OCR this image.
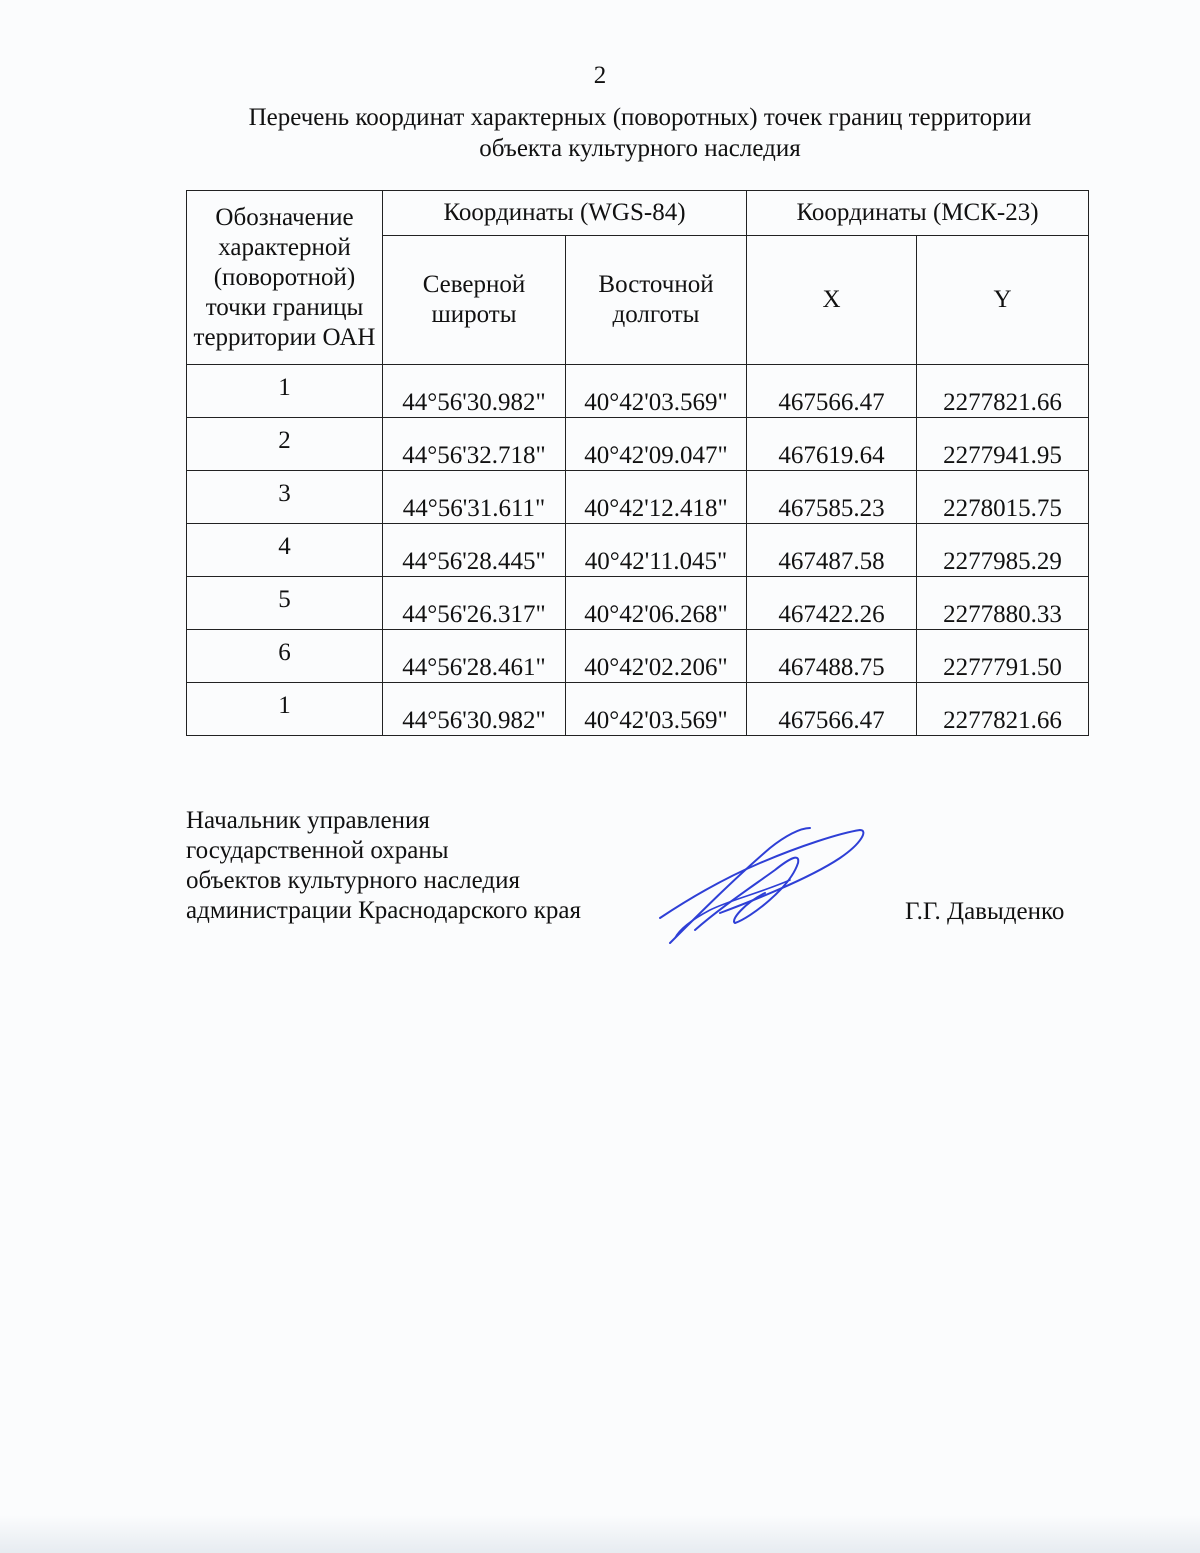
2
Перечень координат характерных (поворотных) точек границ территории
объекта культурного наследия
Обозначение характерной (поворотной) точки границы территории ОАН	Координаты (WGS-84)		Координаты (МСК-23)	
	Северной широты	Восточной долготы	X	Y
1	44°56'30.982"	40°42'03.569"	467566.47	2277821.66
2	44°56'32.718"	40°42'09.047"	467619.64	2277941.95
3	44°56'31.611"	40°42'12.418"	467585.23	2278015.75
4	44°56'28.445"	40°42'11.045"	467487.58	2277985.29
5	44°56'26.317"	40°42'06.268"	467422.26	2277880.33
6	44°56'28.461"	40°42'02.206"	467488.75	2277791.50
1	44°56'30.982"	40°42'03.569"	467566.47	2277821.66
Начальник управления
государственной охраны
объектов культурного наследия
администрации Краснодарского края	Г.Г. Давыденко
